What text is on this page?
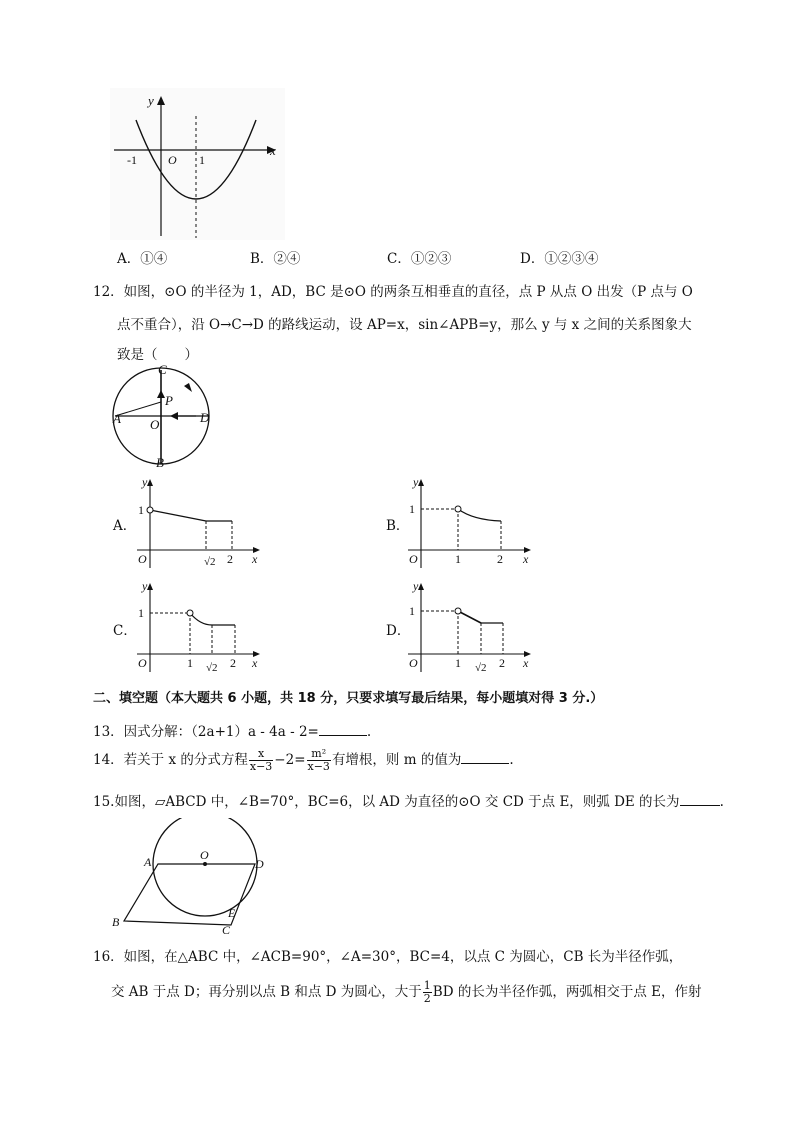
y
x
-1	O 1
A．①④	B．②④	C．①②③	D．①②③④
12．如图，⊙O 的半径为 1，AD，BC 是⊙O 的两条互相垂直的直径，点 P 从点 O 出发（P 点与 O
点不重合），沿 O→C→D 的路线运动，设 AP=x，sin∠APB=y，那么 y 与 x 之间的关系图象大
致是（　　）
C
P
A O	D
B
A．
y
1
O	√ 2 2 x
B．
y
1
O	1	2 x
C．
y
1
O	1 √ 2 2 x
D．
y
1
O	1 √ 2 2 x
二、填空题（本大题共 6 小题，共 18 分，只要求填写最后结果，每小题填对得 3 分.）
13．因式分解：（2a+1）a - 4a - 2=	.
14．若关于 x 的分式方程 $\frac{x}{x-3} -2= \frac{\text{m²}}{x-3}$ 有增根，则 m 的值为	.
15.如图，▱ABCD 中，∠B=70°，BC=6，以 AD 为直径的⊙O 交 CD 于点 E，则弧 DE 的长为	.
O
A	D
B
C
E
16．如图，在△ABC 中，∠ACB=90°，∠A=30°，BC=4，以点 C 为圆心，CB 长为半径作弧，
交 AB 于点 D；再分别以点 B 和点 D 为圆心，大于 $\frac{1}{2}$ BD 的长为半径作弧，两弧相交于点 E，作射
